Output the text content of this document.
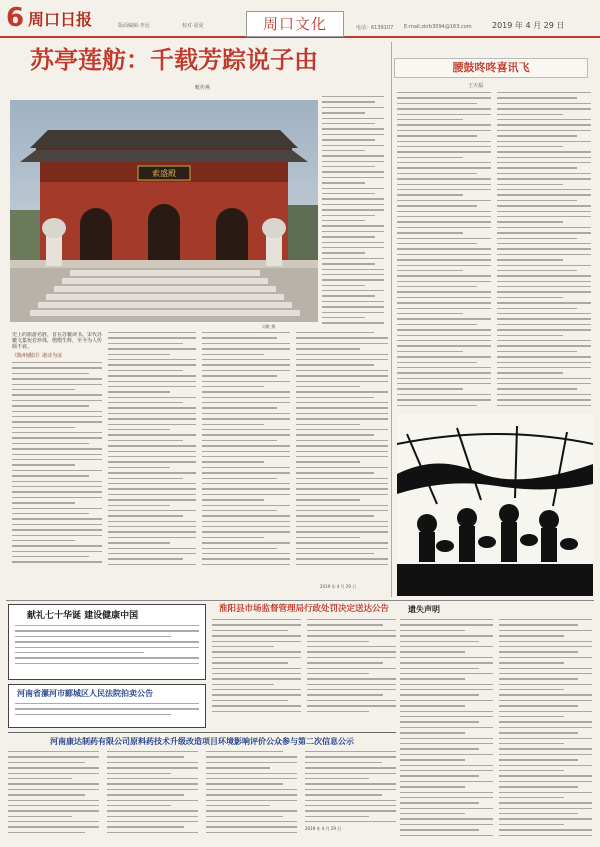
6 周口日报	版面编辑·李冠	校对·夏夏	周口文化	电话：6139107 E-mail:zkrb3094@163.com	2019 年 4 月 29 日
苏亭莲舫：千载芳踪说子由
毗传燕
索盛殿
吴毗 摄
史上的旅游名胜，首在苏辙读书。宋代苏辙文集宛若珍珠，熠熠生辉，至今为人传颂不衰。
《陈州感旧》诸诗为证
2019 年 4 月 29 日
腰鼓咚咚喜讯飞
王天福
献礼七十华诞 建设健康中国
河南省漯河市郾城区人民法院拍卖公告
淮阳县市场监督管理局行政处罚决定送达公告	遗失声明
河南康达制药有限公司原料药技术升级改造项目环境影响评价公众参与第二次信息公示
2019 年 4 月 29 日
